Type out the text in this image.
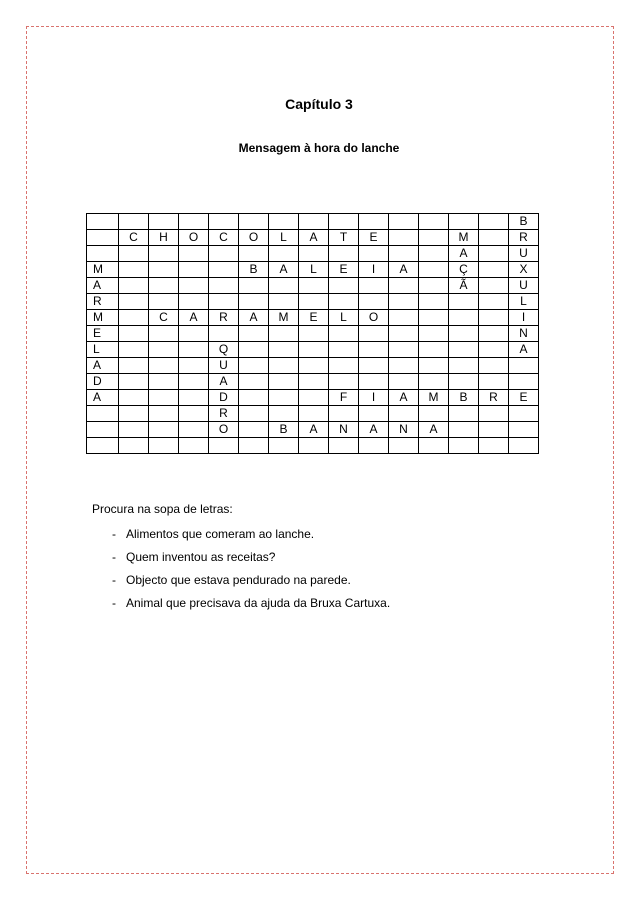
Capítulo 3
Mensagem à hora do lanche
														B
	C	H	O	C	O	L	A	T	E			M		R
												A		U
M					B	A	L	E	I	A		Ç		X
A												Ã		U
R														L
M		C	A	R	A	M	E	L	O					I
E														N
L				Q										A
A				U										
D				A										
A				D				F	I	A	M	B	R	E
				R										
				O		B	A	N	A	N	A			

Procura na sopa de letras:
- Alimentos que comeram ao lanche.
- Quem inventou as receitas?
- Objecto que estava pendurado na parede.
- Animal que precisava da ajuda da Bruxa Cartuxa.
